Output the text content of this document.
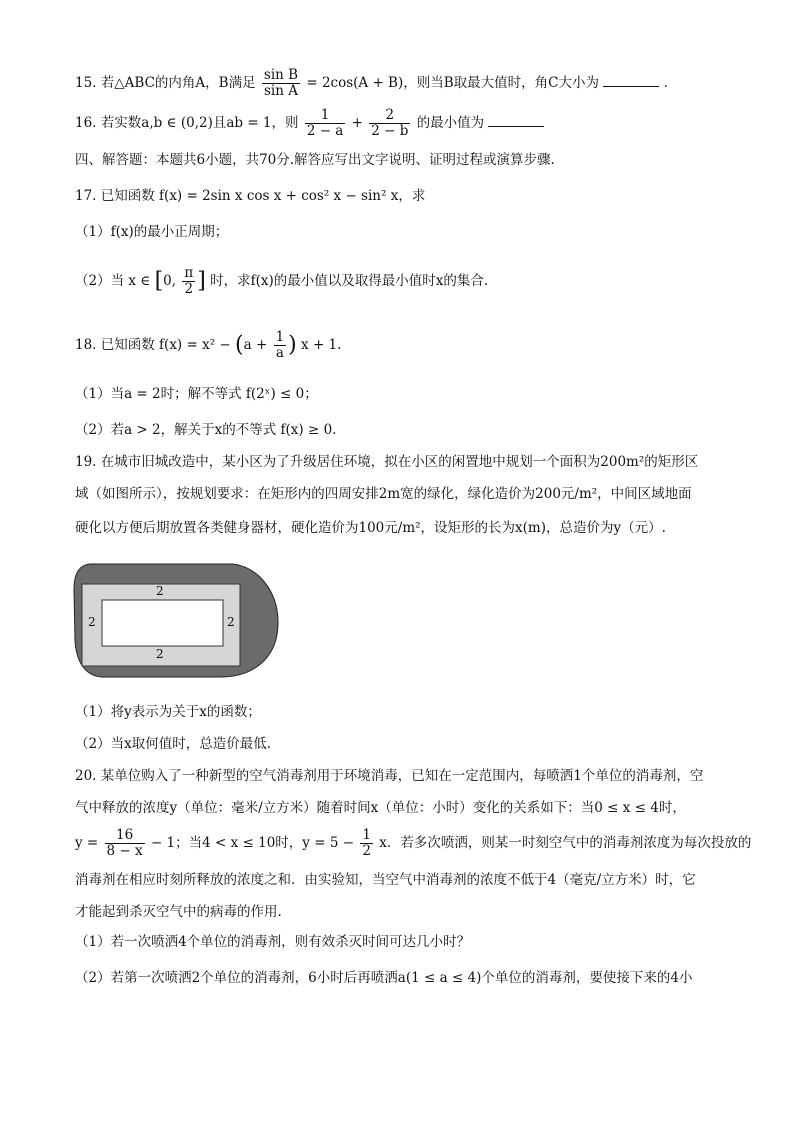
15. 若△ABC的内角A，B满足 $\frac{\text{sin B}}{\text{sin A}} = 2\cos(A + B)$，则当B取最大值时，角C大小为	.
16. 若实数a,b ∈ (0,2)且ab = 1，则 $\frac{1}{2 - a} + \frac{2}{2 - b}$ 的最小值为
四、解答题：本题共6小题，共70分.解答应写出文字说明、证明过程或演算步骤.
17. 已知函数 f(x) = 2sin x cos x + cos² x − sin² x，求
（1）f(x)的最小正周期；
（2）当 x ∈ [0, $\frac{\pi}{2}$ ] 时，求f(x)的最小值以及取得最小值时x的集合.
18. 已知函数 $f(x) = x^2 - (a + \frac{1}{a}$ ) x + 1.
（1）当a = 2时；解不等式 f(2ˣ) ≤ 0；
（2）若a > 2，解关于x的不等式 f(x) ≥ 0.
19. 在城市旧城改造中，某小区为了升级居住环境，拟在小区的闲置地中规划一个面积为200m²的矩形区
域（如图所示），按规划要求：在矩形内的四周安排2m宽的绿化，绿化造价为200元/m²，中间区域地面
硬化以方便后期放置各类健身器材，硬化造价为100元/m²，设矩形的长为x(m)，总造价为y（元）.
2
2	2
2
（1）将y表示为关于x的函数；
（2）当x取何值时，总造价最低.
20. 某单位购入了一种新型的空气消毒剂用于环境消毒，已知在一定范围内，每喷洒1个单位的消毒剂，空
气中释放的浓度y（单位：毫米/立方米）随着时间x（单位：小时）变化的关系如下：当0 ≤ x ≤ 4时，
$y = \frac{16}{8 - x} - 1$；当4 < x ≤ 10时，$y = 5 - \frac{1}{2}$ x．若多次喷洒，则某一时刻空气中的消毒剂浓度为每次投放的
消毒剂在相应时刻所释放的浓度之和．由实验知，当空气中消毒剂的浓度不低于4（毫克/立方米）时，它
才能起到杀灭空气中的病毒的作用.
（1）若一次喷洒4个单位的消毒剂，则有效杀灭时间可达几小时？
（2）若第一次喷洒2个单位的消毒剂，6小时后再喷洒a(1 ≤ a ≤ 4)个单位的消毒剂，要使接下来的4小
